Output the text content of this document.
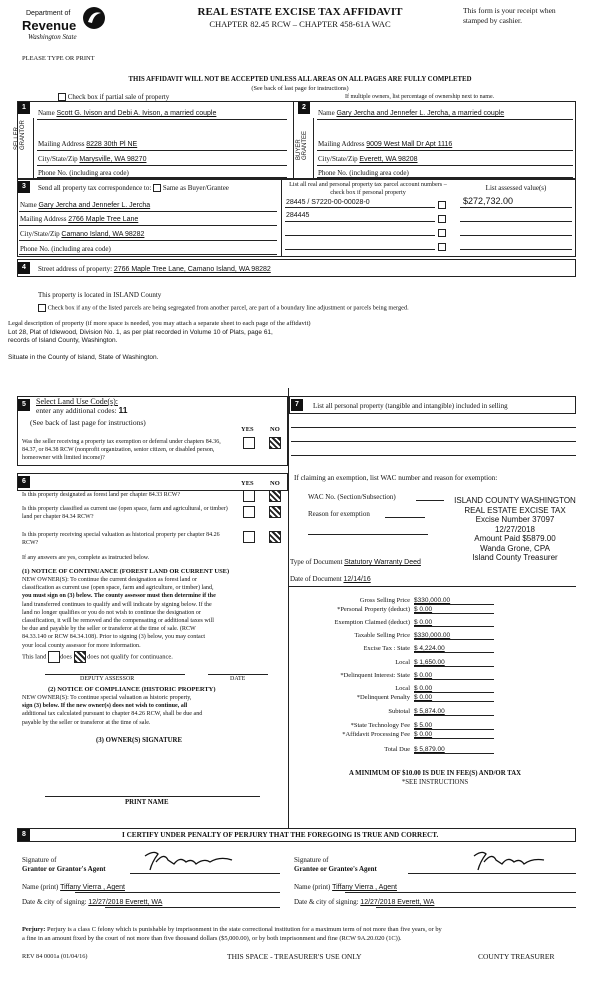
Department of
Revenue
Washington State
REAL ESTATE EXCISE TAX AFFIDAVIT
CHAPTER 82.45 RCW – CHAPTER 458-61A WAC
This form is your receipt when stamped by cashier.
PLEASE TYPE OR PRINT
THIS AFFIDAVIT WILL NOT BE ACCEPTED UNLESS ALL AREAS ON ALL PAGES ARE FULLY COMPLETED
(See back of last page for instructions)
Check box if partial sale of property	If multiple owners, list percentage of ownership next to name.
1
SELLER GRANTOR
Name Scott G. Ivison and Debi A. Ivison, a married couple
Mailing Address 8228 30th Pl NE
City/State/Zip Marysville, WA 98270
Phone No. (including area code)
2
BUYER GRANTEE
Name Gary Jercha and Jennefer L. Jercha, a married couple
Mailing Address 9009 West Mall Dr Apt 1116
City/State/Zip Everett, WA 98208
Phone No. (including area code)
3	Send all property tax correspondence to: Same as Buyer/Grantee
Name Gary Jercha and Jennefer L. Jercha
Mailing Address 2766 Maple Tree Lane
City/State/Zip Camano Island, WA 98282
Phone No. (including area code)
List all real and personal property tax parcel account numbers – check box if personal property
List assessed value(s)
28445 / S7220-00-00028-0
284445
$272,732.00
4	Street address of property: 2766 Maple Tree Lane, Camano Island, WA 98282
This property is located in ISLAND County
Check box if any of the listed parcels are being segregated from another parcel, are part of a boundary line adjustment or parcels being merged.
Legal description of property (if more space is needed, you may attach a separate sheet to each page of the affidavit)
Lot 28, Plat of Idlewood, Division No. 1, as per plat recorded in Volume 10 of Plats, page 61,
records of Island County, Washington.
Situate in the County of Island, State of Washington.
5	Select Land Use Code(s):
enter any additional codes: 11
(See back of last page for instructions)
YES	NO
Was the seller receiving a property tax exemption or deferral under chapters 84.36, 84.37, or 84.38 RCW (nonprofit organization, senior citizen, or disabled person, homeowner with limited income)?
6	YES	NO
Is this property designated as forest land per chapter 84.33 RCW?
Is this property classified as current use (open space, farm and agricultural, or timber) land per chapter 84.34 RCW?
Is this property receiving special valuation as historical property per chapter 84.26 RCW?
If any answers are yes, complete as instructed below.
(1) NOTICE OF CONTINUANCE (FOREST LAND OR CURRENT USE)
NEW OWNER(S): To continue the current designation as forest land or
classification as current use (open space, farm and agriculture, or timber) land,
you must sign on (3) below. The county assessor must then determine if the
land transferred continues to qualify and will indicate by signing below. If the
land no longer qualifies or you do not wish to continue the designation or
classification, it will be removed and the compensating or additional taxes will
be due and payable by the seller or transferor at the time of sale. (RCW
84.33.140 or RCW 84.34.108). Prior to signing (3) below, you may contact
your local county assessor for more information.
This land does does not qualify for continuance.
DEPUTY ASSESSOR	DATE
(2) NOTICE OF COMPLIANCE (HISTORIC PROPERTY)
NEW OWNER(S): To continue special valuation as historic property,
sign (3) below. If the new owner(s) does not wish to continue, all
additional tax calculated pursuant to chapter 84.26 RCW, shall be due and
payable by the seller or transferor at the time of sale.
(3) OWNER(S) SIGNATURE
PRINT NAME
7	List all personal property (tangible and intangible) included in selling
If claiming an exemption, list WAC number and reason for exemption:
WAC No. (Section/Subsection)
Reason for exemption
ISLAND COUNTY WASHINGTON
REAL ESTATE EXCISE TAX
Excise Number 37097
12/27/2018
Amount Paid $5879.00
Wanda Grone, CPA
Island County Treasurer
Type of Document Statutory Warranty Deed
Date of Document 12/14/16
Gross Selling Price $330,000.00
*Personal Property (deduct) $ 0.00
Exemption Claimed (deduct) $ 0.00
Taxable Selling Price $330,000.00
Excise Tax : State $ 4,224.00
Local $ 1,650.00
*Delinquent Interest: State $ 0.00
Local $ 0.00
*Delinquent Penalty $ 0.00
Subtotal $ 5,874.00
*State Technology Fee $ 5.00
*Affidavit Processing Fee $ 0.00
Total Due $ 5,879.00
A MINIMUM OF $10.00 IS DUE IN FEE(S) AND/OR TAX
*SEE INSTRUCTIONS
8	I CERTIFY UNDER PENALTY OF PERJURY THAT THE FOREGOING IS TRUE AND CORRECT.
Signature of
Grantor or Grantor's Agent
Name (print) Tiffany Vierra , Agent
Date & city of signing: 12/27/2018 Everett, WA
Signature of
Grantee or Grantee's Agent
Name (print) Tiffany Vierra , Agent
Date & city of signing: 12/27/2018 Everett, WA
Perjury: Perjury is a class C felony which is punishable by imprisonment in the state correctional institution for a maximum term of not more than five years, or by
a fine in an amount fixed by the court of not more than five thousand dollars ($5,000.00), or by both imprisonment and fine (RCW 9A.20.020 (1C)).
REV 84 0001a (01/04/16)	THIS SPACE - TREASURER'S USE ONLY	COUNTY TREASURER
